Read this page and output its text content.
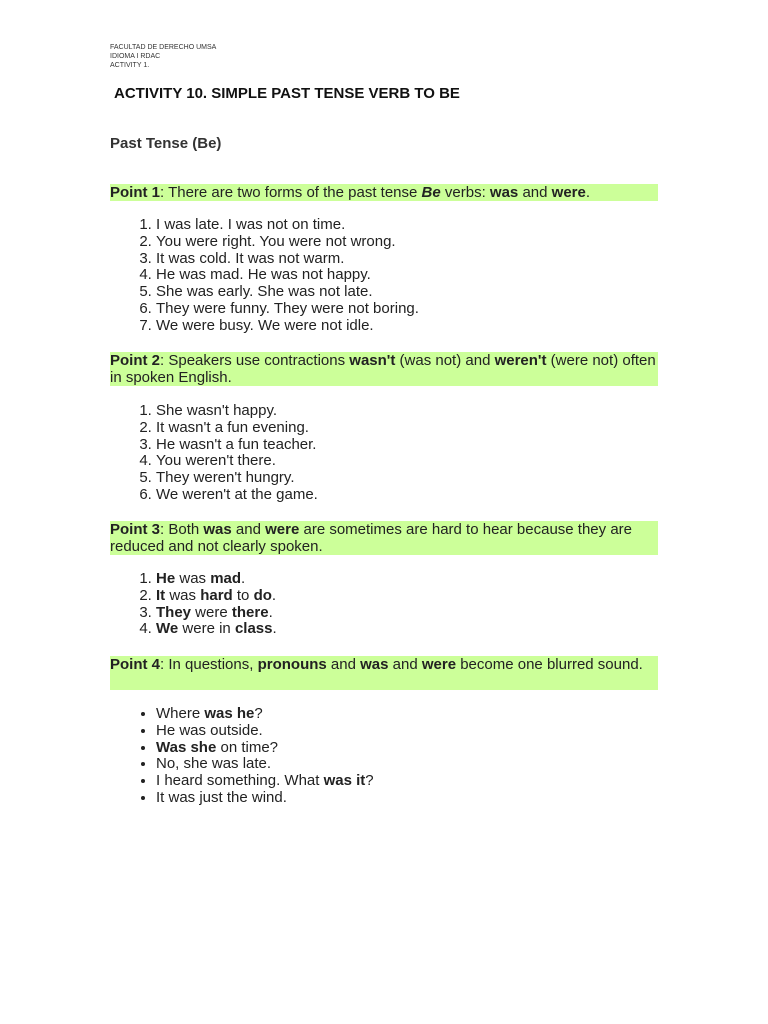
FACULTAD DE DERECHO UMSA
IDIOMA I RDAC
ACTIVITY 1.
ACTIVITY 10. SIMPLE PAST TENSE VERB TO BE
Past Tense (Be)
Point 1: There are two forms of the past tense Be verbs: was and were.
1. I was late. I was not on time.
2. You were right. You were not wrong.
3. It was cold. It was not warm.
4. He was mad. He was not happy.
5. She was early. She was not late.
6. They were funny. They were not boring.
7. We were busy. We were not idle.
Point 2: Speakers use contractions wasn't (was not) and weren't (were not) often in spoken English.
1. She wasn't happy.
2. It wasn't a fun evening.
3. He wasn't a fun teacher.
4. You weren't there.
5. They weren't hungry.
6. We weren't at the game.
Point 3: Both was and were are sometimes are hard to hear because they are reduced and not clearly spoken.
1. He was mad.
2. It was hard to do.
3. They were there.
4. We were in class.
Point 4: In questions, pronouns and was and were become one blurred sound.
• Where was he?
• He was outside.
• Was she on time?
• No, she was late.
• I heard something. What was it?
• It was just the wind.
